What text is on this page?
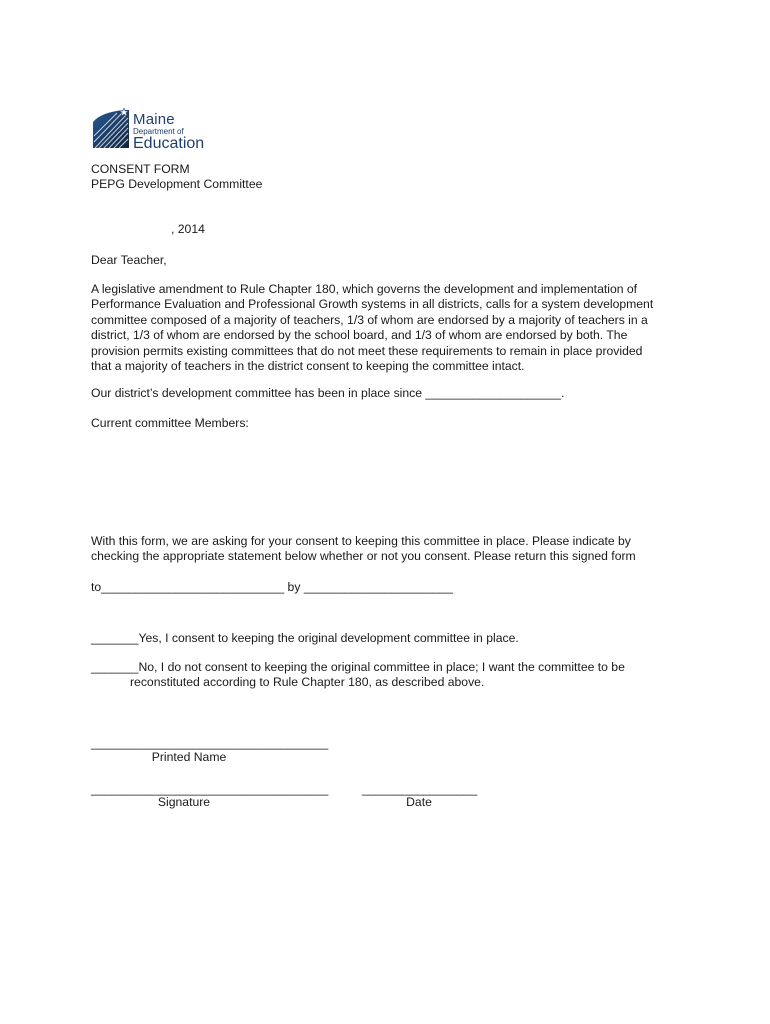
Maine
Department of
Education
CONSENT FORM
PEPG Development Committee
, 2014
Dear Teacher,
A legislative amendment to Rule Chapter 180, which governs the development and implementation of
Performance Evaluation and Professional Growth systems in all districts, calls for a system development
committee composed of a majority of teachers, 1/3 of whom are endorsed by a majority of teachers in a
district, 1/3 of whom are endorsed by the school board, and 1/3 of whom are endorsed by both. The
provision permits existing committees that do not meet these requirements to remain in place provided
that a majority of teachers in the district consent to keeping the committee intact.
Our district’s development committee has been in place since ____________________.
Current committee Members:
With this form, we are asking for your consent to keeping this committee in place. Please indicate by
checking the appropriate statement below whether or not you consent. Please return this signed form
to___________________________ by ______________________
_______Yes, I consent to keeping the original development committee in place.
_______No, I do not consent to keeping the original committee in place; I want the committee to be
reconstituted according to Rule Chapter 180, as described above.
___________________________________
Printed Name
___________________________________
Signature
_________________
Date
